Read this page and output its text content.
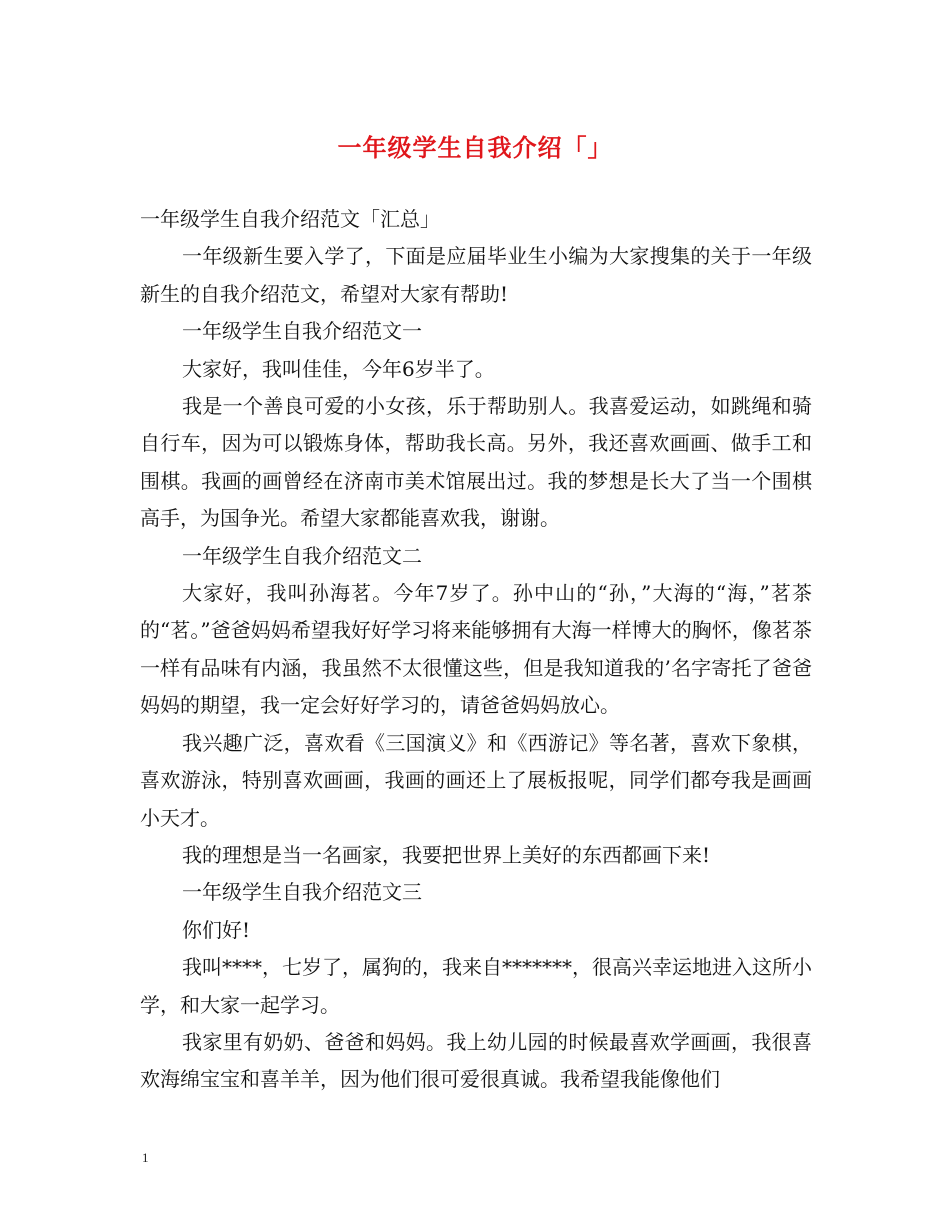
一年级学生自我介绍「」

一年级学生自我介绍范文「汇总」

一年级新生要入学了，下面是应届毕业生小编为大家搜集的关于一年级新生的自我介绍范文，希望对大家有帮助!

一年级学生自我介绍范文一

大家好，我叫佳佳，今年6岁半了。

我是一个善良可爱的小女孩，乐于帮助别人。我喜爱运动，如跳绳和骑自行车，因为可以锻炼身体，帮助我长高。另外，我还喜欢画画、做手工和围棋。我画的画曾经在济南市美术馆展出过。我的梦想是长大了当一个围棋高手，为国争光。希望大家都能喜欢我，谢谢。

一年级学生自我介绍范文二

大家好，我叫孙海茗。今年7岁了。孙中山的“孙，”大海的“海，”茗茶的“茗。”爸爸妈妈希望我好好学习将来能够拥有大海一样博大的胸怀，像茗茶一样有品味有内涵，我虽然不太很懂这些，但是我知道我的’名字寄托了爸爸妈妈的期望，我一定会好好学习的，请爸爸妈妈放心。

我兴趣广泛，喜欢看《三国演义》和《西游记》等名著，喜欢下象棋，喜欢游泳，特别喜欢画画，我画的画还上了展板报呢，同学们都夸我是画画小天才。

我的理想是当一名画家，我要把世界上美好的东西都画下来!

一年级学生自我介绍范文三

你们好!

我叫****，七岁了，属狗的，我来自*******，很高兴幸运地进入这所小学，和大家一起学习。

我家里有奶奶、爸爸和妈妈。我上幼儿园的时候最喜欢学画画，我很喜欢海绵宝宝和喜羊羊，因为他们很可爱很真诚。我希望我能像他们

1
